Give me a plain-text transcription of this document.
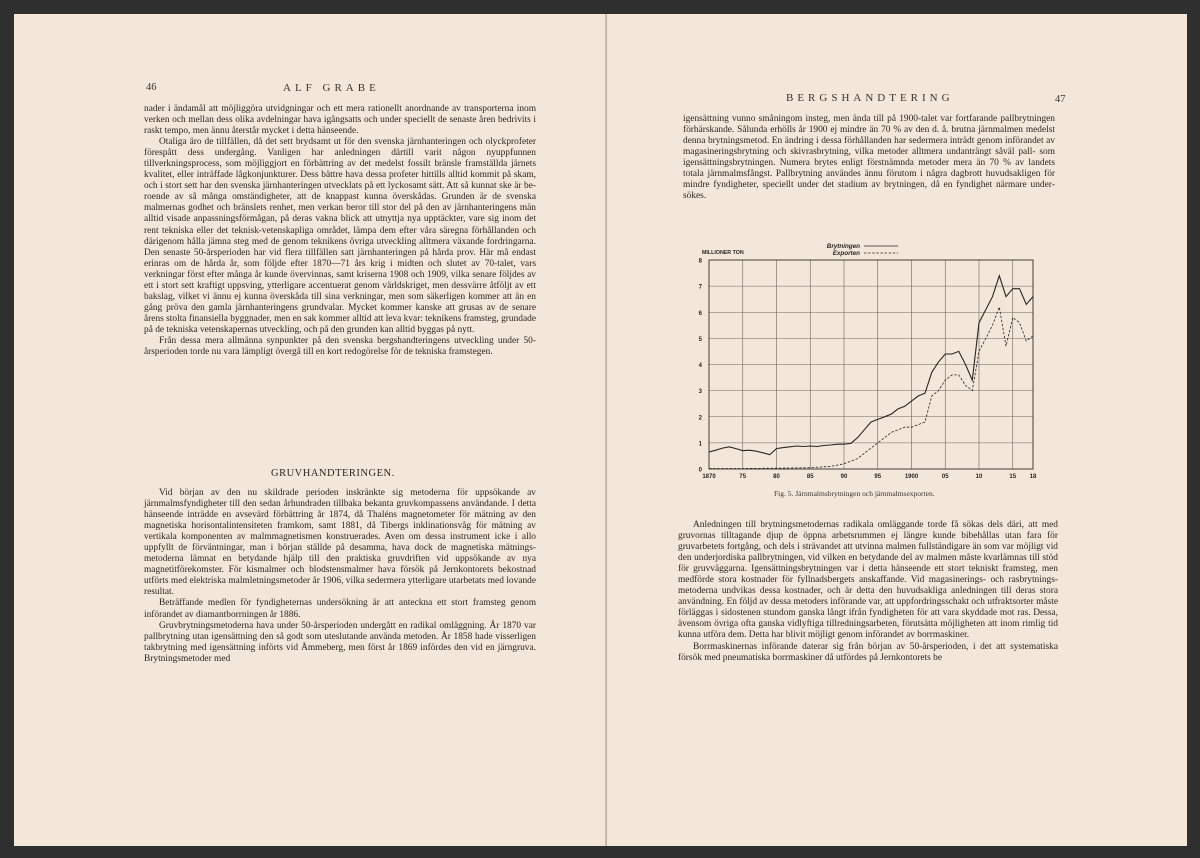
46	ALF GRABE

nader i ändamål att möjliggöra utvidgningar och ett mera rationellt anordnande av transporterna inom verken och mellan dess olika avdelningar hava igångsatts och under speciellt de senaste åren bedrivits i raskt tempo, men ännu återstår mycket i detta hänseende.

Otaliga äro de tillfällen, då det sett brydsamt ut för den svenska järnhanteringen och olyckprofeter förespått dess undergång. Vanligen har anledningen därtill varit någon nyuppfunnen tillverkningsprocess, som möjliggjort en förbättring av det medelst fossilt bränsle framställda järnets kvalitet, eller inträffade lågkonjunkturer. Dess bättre hava dessa profeter hittills alltid kommit på skam, och i stort sett har den svenska järnhanteringen utvecklats på ett lyckosamt sätt. Att så kunnat ske är beroende av så många omständigheter, att de knappast kunna överskådas. Grunden är de svenska malmernas godhet och bränslets renhet, men verkan beror till stor del på den av järnhanteringens män alltid visade anpassningsförmågan, på deras vakna blick att utnyttja nya upptäckter, vare sig inom det rent tekniska eller det teknisk-vetenskapliga området, lämpa dem efter våra säregna förhållanden och därigenom hålla jämna steg med de genom teknikens övriga utveckling alltmera växande fordringarna. Den senaste 50-årsperioden har vid flera tillfällen satt järnhanteringen på hårda prov. Här må endast erinras om de hårda år, som följde efter 1870—71 års krig i midten och slutet av 70-talet, vars verkningar först efter många år kunde övervinnas, samt kriserna 1908 och 1909, vilka senare följdes av ett i stort sett kraftigt uppsving, ytterligare accentuerat genom världskriget, men dessvärre åtföljt av ett bakslag, vilket vi ännu ej kunna överskåda till sina verkningar, men som säkerligen kommer att än en gång pröva den gamla järnhanteringens grundvalar. Mycket kommer kanske att grusas av de senare årens stolta finansiella byggnader, men en sak kommer alltid att leva kvar: teknikens framsteg, grundade på de tekniska vetenskapernas utveckling, och på den grunden kan alltid byggas på nytt.

Från dessa mera allmänna synpunkter på den svenska bergshandteringens utveckling under 50-årsperioden torde nu vara lämpligt övergå till en kort redogörelse för de tekniska framstegen.

GRUVHANDTERINGEN.

Vid början av den nu skildrade perioden inskränkte sig metoderna för uppsökande av järnmalmsfyndigheter till den sedan århundraden tillbaka bekanta gruvkompassens användande. I detta hänseende inträdde en avsevärd förbättring år 1874, då Thaléns magnetometer för mätning av den magnetiska horisontalintensiteten framkom, samt 1881, då Tibergs inklinationsvåg för mätning av vertikala komponenten av malmmagnetismen konstruerades. Aven om dessa instrument icke i allo uppfyllt de förväntningar, man i början ställde på desamma, hava dock de magnetiska mätningsmetoderna lämnat en betydande hjälp till den praktiska gruvdriften vid uppsökande av nya magnetitförekomster. För kismalmer och blodstensmalmer hava försök på Jernkontorets bekostnad utförts med elektriska malmletningsmetoder år 1906, vilka sedermera ytterligare utarbetats med lovande resultat.

Beträffande medlen för fyndigheternas undersökning är att anteckna ett stort framsteg genom införandet av diamantborrningen år 1886.

Gruvbrytningsmetoderna hava under 50-årsperioden undergått en radikal omläggning. År 1870 var pallbrytning utan igensättning den så godt som uteslutande använda metoden. År 1858 hade visserligen takbrytning med igensättning införts vid Åmmeberg, men först år 1869 infördes den vid en järngruva. Brytningsmetoder med

BERGSHANDTERING	47

igensättning vunno småningom insteg, men ända till på 1900-talet var fortfarande pallbrytningen förhärskande. Sålunda erhölls år 1900 ej mindre än 70 % av den d. å. brutna järnmalmen medelst denna brytningsmetod. En ändring i dessa förhållanden har sedermera inträdt genom införandet av magasineringsbrytning och skivrasbrytning, vilka metoder alltmera undanträngt såväl pall- som igensättningsbrytningen. Numera brytes enligt förstnämnda metoder mera än 70 % av landets totala järnmalmsfångst. Pallbrytning användes ännu förutom i några dagbrott huvudsakligen för mindre fyndigheter, speciellt under det stadium av brytningen, då en fyndighet närmare undersökes.

0
1
2
3
4
5
6
7
8
1870	75	80	85	90	95	1900	05	10	15 18
MILLIONER TON
Brytningen
Exporten
Fig. 5. Järnmalmsbrytningen och järnmalmsexporten.

Anledningen till brytningsmetodernas radikala omläggande torde få sökas dels däri, att med gruvornas tilltagande djup de öppna arbetsrummen ej längre kunde bibehållas utan fara för gruvarbetets fortgång, och dels i strävandet att utvinna malmen fullständigare än som var möjligt vid den underjordiska pallbrytningen, vid vilken en betydande del av malmen måste kvarlämnas till stöd för gruvväggarna. Igensättningsbrytningen var i detta hänseende ett stort tekniskt framsteg, men medförde stora kostnader för fyllnadsbergets anskaffande. Vid magasinerings- och rasbrytningsmetoderna undvikas dessa kostnader, och är detta den huvudsakliga anledningen till deras stora användning. En följd av dessa metoders införande var, att uppfordringsschakt och utfraktsorter måste förläggas i sidostenen stundom ganska långt ifrån fyndigheten för att vara skyddade mot ras. Dessa, ävensom övriga ofta ganska vidlyftiga tillredningsarbeten, förutsätta möjligheten att inom rimlig tid kunna utföra dem. Detta har blivit möjligt genom införandet av borrmaskiner.

Borrmaskinernas införande daterar sig från början av 50-årsperioden, i det att systematiska försök med pneumatiska borrmaskiner då utfördes på Jernkontorets be
